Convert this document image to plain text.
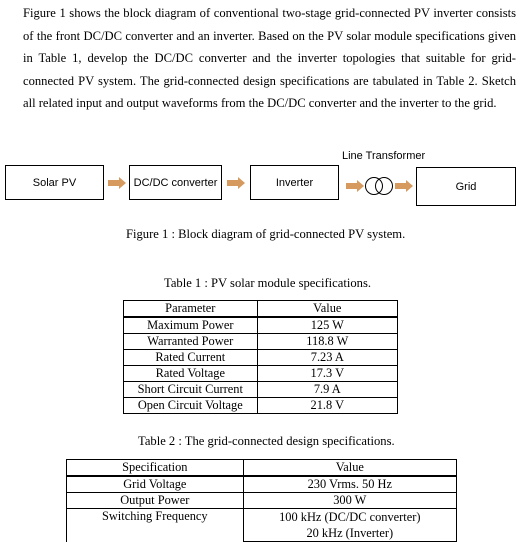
Figure 1 shows the block diagram of conventional two-stage grid-connected PV inverter consists of the front DC/DC converter and an inverter. Based on the PV solar module specifications given in Table 1, develop the DC/DC converter and the inverter topologies that suitable for grid-connected PV system. The grid-connected design specifications are tabulated in Table 2. Sketch all related input and output waveforms from the DC/DC converter and the inverter to the grid.

Solar PV	DC/DC converter	Inverter
Line Transformer
Grid
Figure 1 : Block diagram of grid-connected PV system.
Table 1 : PV solar module specifications.
Parameter	Value
Maximum Power	125 W
Warranted Power	118.8 W
Rated Current	7.23 A
Rated Voltage	17.3 V
Short Circuit Current	7.9 A
Open Circuit Voltage	21.8 V
Table 2 : The grid-connected design specifications.
Specification	Value
Grid Voltage	230 Vrms. 50 Hz
Output Power	300 W
Switching Frequency	100 kHz (DC/DC converter)
20 kHz (Inverter)
